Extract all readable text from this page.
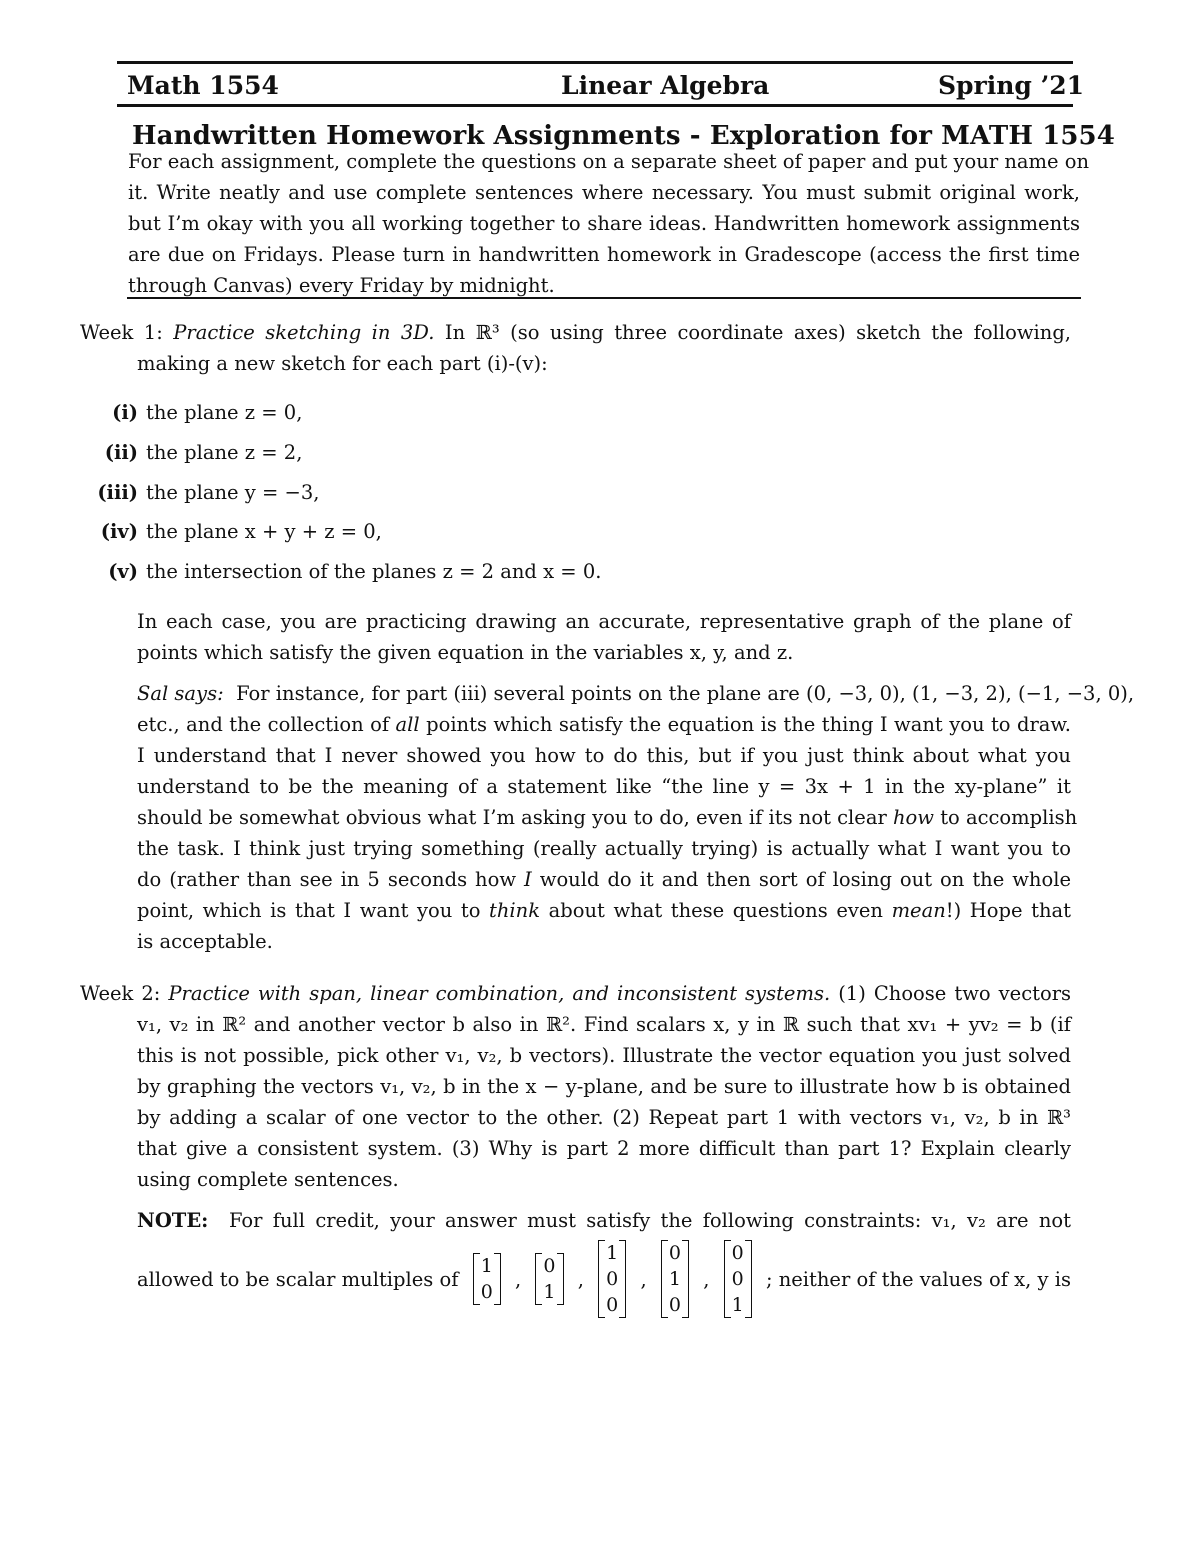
Math 1554	Linear Algebra	Spring ’21
Handwritten Homework Assignments - Exploration for MATH 1554
For each assignment, complete the questions on a separate sheet of paper and put your name on
it. Write neatly and use complete sentences where necessary. You must submit original work,
but I’m okay with you all working together to share ideas. Handwritten homework assignments
are due on Fridays. Please turn in handwritten homework in Gradescope (access the first time
through Canvas) every Friday by midnight.
Week 1: Practice sketching in 3D. In ℝ³ (so using three coordinate axes) sketch the following,
making a new sketch for each part (i)-(v):
(i) the plane z = 0,
(ii) the plane z = 2,
(iii) the plane y = −3,
(iv) the plane x + y + z = 0,
(v) the intersection of the planes z = 2 and x = 0.
In each case, you are practicing drawing an accurate, representative graph of the plane of
points which satisfy the given equation in the variables x, y, and z.
Sal says: For instance, for part (iii) several points on the plane are (0, −3, 0), (1, −3, 2), (−1, −3, 0),
etc., and the collection of all points which satisfy the equation is the thing I want you to draw.
I understand that I never showed you how to do this, but if you just think about what you
understand to be the meaning of a statement like “the line y = 3x + 1 in the xy-plane” it
should be somewhat obvious what I’m asking you to do, even if its not clear how to accomplish
the task. I think just trying something (really actually trying) is actually what I want you to
do (rather than see in 5 seconds how I would do it and then sort of losing out on the whole
point, which is that I want you to think about what these questions even mean!) Hope that
is acceptable.
Week 2: Practice with span, linear combination, and inconsistent systems. (1) Choose two vectors
v₁, v₂ in ℝ² and another vector b also in ℝ². Find scalars x, y in ℝ such that xv₁ + yv₂ = b (if
this is not possible, pick other v₁, v₂, b vectors). Illustrate the vector equation you just solved
by graphing the vectors v₁, v₂, b in the x − y-plane, and be sure to illustrate how b is obtained
by adding a scalar of one vector to the other. (2) Repeat part 1 with vectors v₁, v₂, b in ℝ³
that give a consistent system. (3) Why is part 2 more difficult than part 1? Explain clearly
using complete sentences.
NOTE: For full credit, your answer must satisfy the following constraints: v₁, v₂ are not
allowed to be scalar multiples of
1
0
,
0
1
,
1
0
0
,
0
1
0
,
0
0
1
; neither of the values of x, y is
